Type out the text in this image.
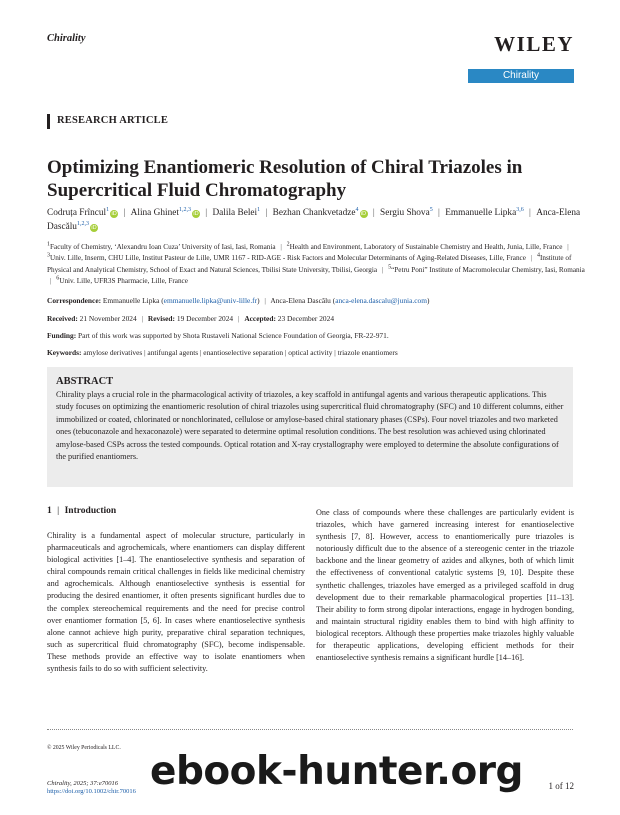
Chirality	WILEY
Chirality
RESEARCH ARTICLE
Optimizing Enantiomeric Resolution of Chiral Triazoles in Supercritical Fluid Chromatography
Codruța Frîncul$^1$iD | Alina Ghinet$^{1,2,3}$iD | Dalila Belei$^1$ | Bezhan Chankvetadze$^4$iD | Sergiu Shova$^5$ | Emmanuelle Lipka$^{3,6}$ | Anca-Elena Dascălu$^{1,2,3}$iD
$^1$Faculty of Chemistry, ‘Alexandru Ioan Cuza’ University of Iasi, Iasi, Romania | $^2$Health and Environment, Laboratory of Sustainable Chemistry and Health, Junia, Lille, France | $^3$Univ. Lille, Inserm, CHU Lille, Institut Pasteur de Lille, UMR 1167 - RID-AGE - Risk Factors and Molecular Determinants of Aging-Related Diseases, Lille, France | $^4$Institute of Physical and Analytical Chemistry, School of Exact and Natural Sciences, Tbilisi State University, Tbilisi, Georgia | $^5$“Petru Poni” Institute of Macromolecular Chemistry, Iasi, Romania | $^6$Univ. Lille, UFR3S Pharmacie, Lille, France
Correspondence: Emmanuelle Lipka (emmanuelle.lipka@univ-lille.fr) | Anca-Elena Dascălu (anca-elena.dascalu@junia.com)
Received: 21 November 2024 | Revised: 19 December 2024 | Accepted: 23 December 2024
Funding: Part of this work was supported by Shota Rustaveli National Science Foundation of Georgia, FR-22-971.
Keywords: amylose derivatives | antifungal agents | enantioselective separation | optical activity | triazole enantiomers
ABSTRACT

Chirality plays a crucial role in the pharmacological activity of triazoles, a key scaffold in antifungal agents and various therapeutic applications. This study focuses on optimizing the enantiomeric resolution of chiral triazoles using supercritical fluid chromatography (SFC) and 10 different columns, either immobilized or coated, chlorinated or nonchlorinated, cellulose or amylose-based chiral stationary phases (CSPs). Four novel triazoles and two marketed ones (tebuconazole and hexaconazole) were separated to determine optimal resolution conditions. The best resolution was achieved using chlorinated amylose-based CSPs across the tested compounds. Optical rotation and X-ray crystallography were employed to determine the absolute configurations of the purified enantiomers.

1 | Introduction

Chirality is a fundamental aspect of molecular structure, particularly in pharmaceuticals and agrochemicals, where enantiomers can display different biological activities [1–4]. The enantioselective synthesis and separation of chiral compounds remain critical challenges in fields like medicinal chemistry and agrochemicals. Although enantioselective synthesis is essential for producing the desired enantiomer, it often presents significant hurdles due to the complex stereochemical requirements and the need for precise control over enantiomer formation [5, 6]. In cases where enantioselective synthesis alone cannot achieve high purity, preparative chiral separation techniques, such as supercritical fluid chromatography (SFC), become indispensable. These methods provide an effective way to isolate enantiomers when synthesis fails to do so with sufficient selectivity.

One class of compounds where these challenges are particularly evident is triazoles, which have garnered increasing interest for enantioselective synthesis [7, 8]. However, access to enantiomerically pure triazoles is notoriously difficult due to the absence of a stereogenic center in the triazole backbone and the linear geometry of azides and alkynes, both of which limit the effectiveness of conventional catalytic systems [9, 10]. Despite these synthetic challenges, triazoles have emerged as a privileged scaffold in drug development due to their remarkable pharmacological properties [11–13]. Their ability to form strong dipolar interactions, engage in hydrogen bonding, and maintain structural rigidity enables them to bind with high affinity to biological receptors. Although these properties make triazoles highly valuable for therapeutic applications, developing efficient methods for their enantioselective synthesis remains a significant hurdle [14–16].

© 2025 Wiley Periodicals LLC.
Chirality, 2025; 37:e70016
https://doi.org/10.1002/chir.70016
1 of 12
ebook-hunter.org
